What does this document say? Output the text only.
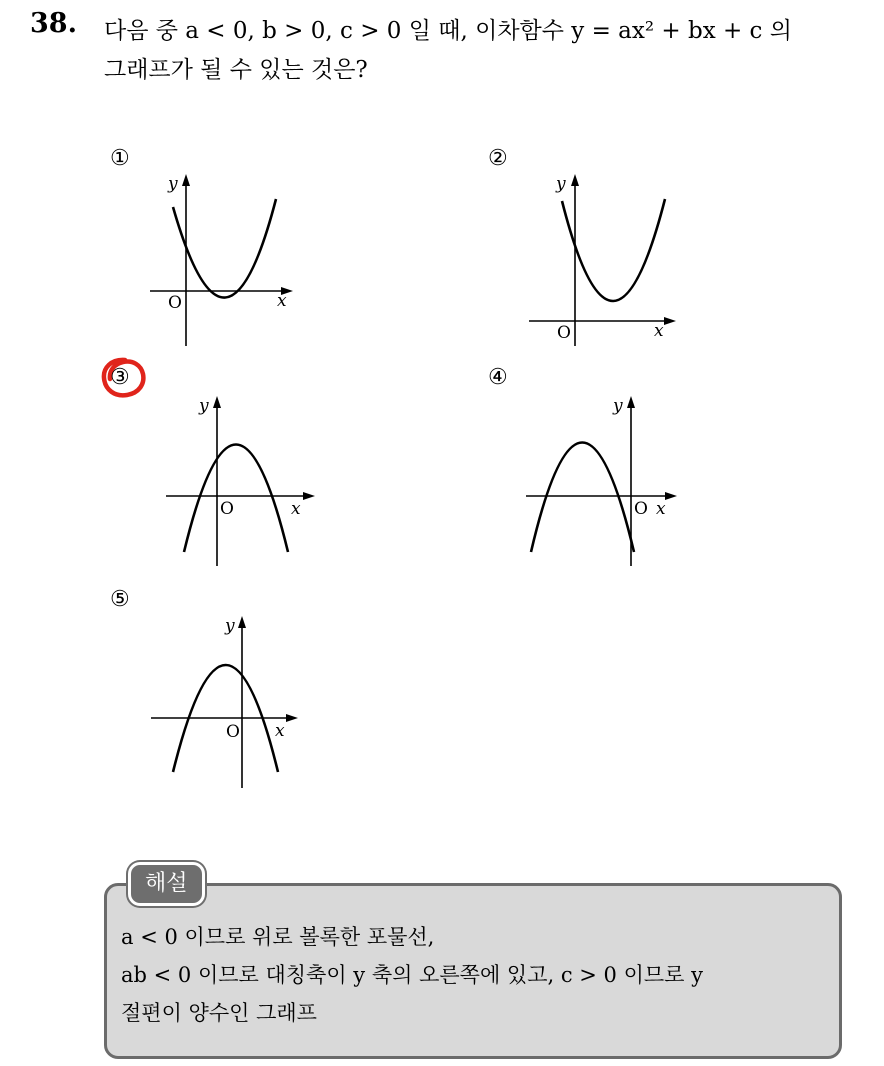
38. 다음 중 a < 0, b > 0, c > 0 일 때, 이차함수 y = ax² + bx + c 의
그래프가 될 수 있는 것은?
①
y
x
O
②
y
x
O
③
y
x
O
④
y
x
O
⑤
y
x
O
해설
a < 0 이므로 위로 볼록한 포물선,
ab < 0 이므로 대칭축이 y 축의 오른쪽에 있고, c > 0 이므로 y
절편이 양수인 그래프
